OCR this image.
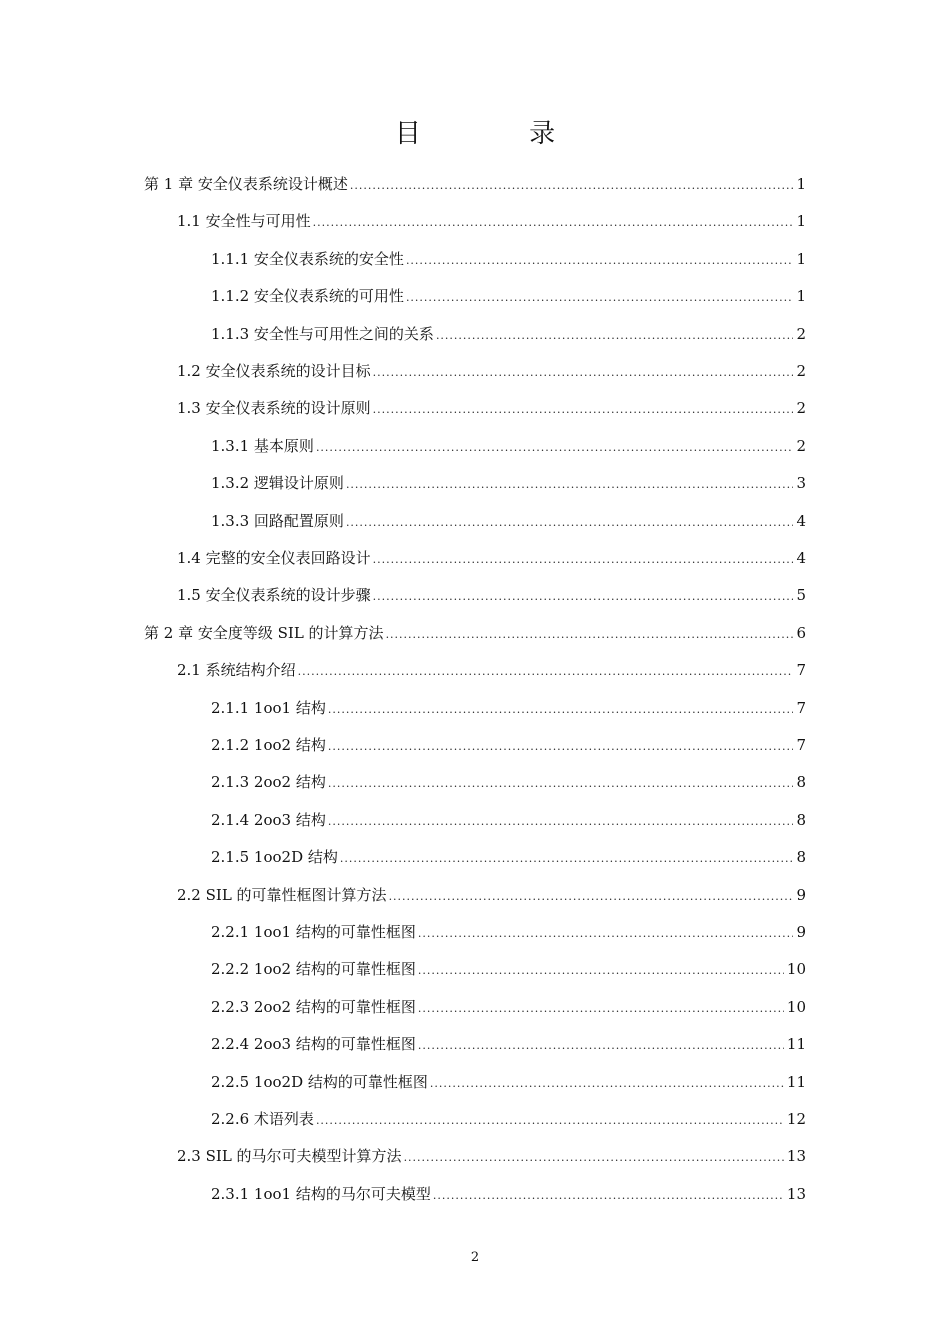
目 录
第 1 章 安全仪表系统设计概述 .....	1
1.1 安全性与可用性 .....	1
1.1.1 安全仪表系统的安全性 .....	1
1.1.2 安全仪表系统的可用性 .....	1
1.1.3 安全性与可用性之间的关系 .....	2
1.2 安全仪表系统的设计目标 .....	2
1.3 安全仪表系统的设计原则 .....	2
1.3.1 基本原则 .....	2
1.3.2 逻辑设计原则 .....	3
1.3.3 回路配置原则 .....	4
1.4 完整的安全仪表回路设计 .....	4
1.5 安全仪表系统的设计步骤 .....	5
第 2 章 安全度等级 SIL 的计算方法 .....	6
2.1 系统结构介绍 .....	7
2.1.1 1oo1 结构 .....	7
2.1.2 1oo2 结构 .....	7
2.1.3 2oo2 结构 .....	8
2.1.4 2oo3 结构 .....	8
2.1.5 1oo2D 结构 .....	8
2.2 SIL 的可靠性框图计算方法 .....	9
2.2.1 1oo1 结构的可靠性框图 .....	9
2.2.2 1oo2 结构的可靠性框图 .....	10
2.2.3 2oo2 结构的可靠性框图 .....	10
2.2.4 2oo3 结构的可靠性框图 .....	11
2.2.5 1oo2D 结构的可靠性框图 .....	11
2.2.6 术语列表 .....	12
2.3 SIL 的马尔可夫模型计算方法 .....	13
2.3.1 1oo1 结构的马尔可夫模型 .....	13
2
